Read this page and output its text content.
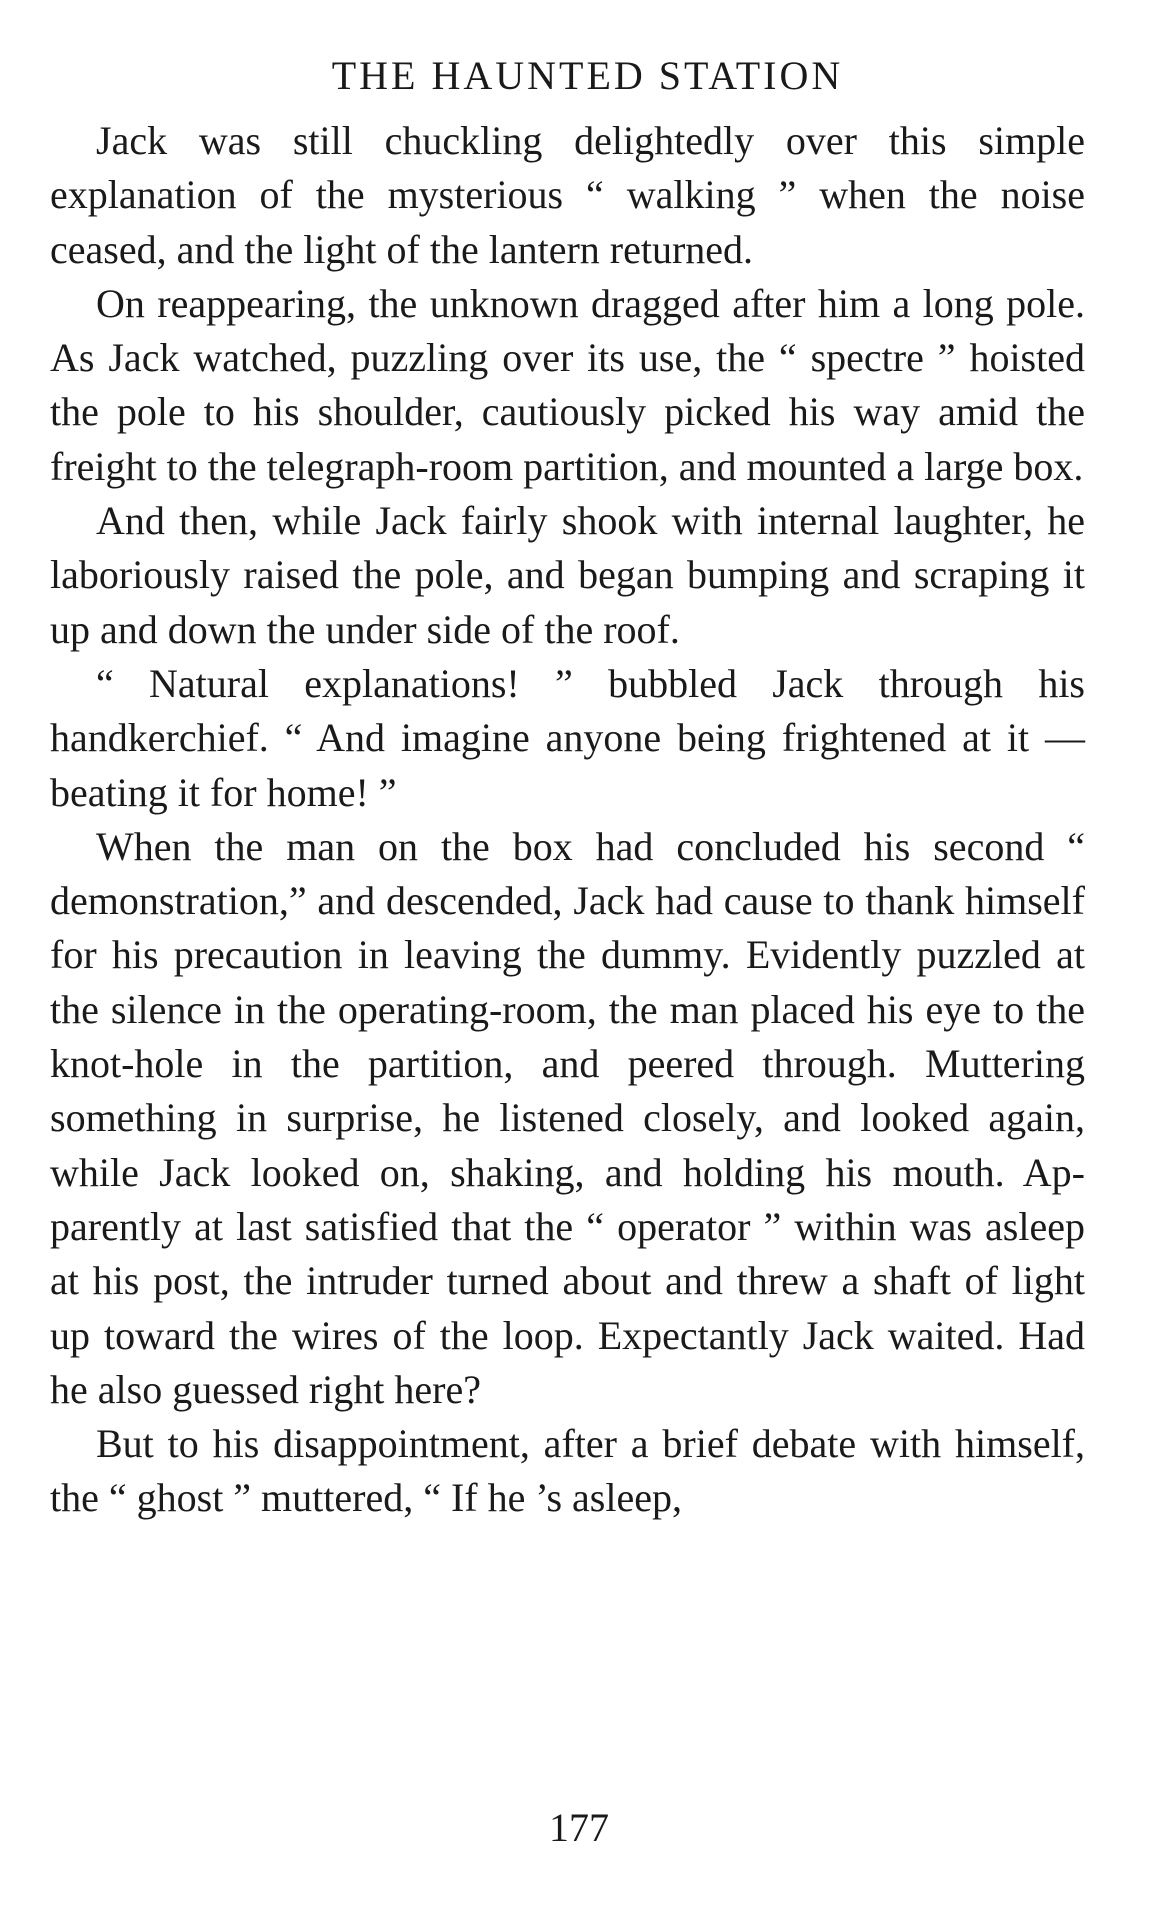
THE HAUNTED STATION

Jack was still chuckling delightedly over this simple explanation of the mysterious “ walking ” when the noise ceased, and the light of the lantern returned.

On reappearing, the unknown dragged after him a long pole. As Jack watched, puzzling over its use, the “ spectre ” hoisted the pole to his shoulder, cautiously picked his way amid the freight to the telegraph-room partition, and mounted a large box.

And then, while Jack fairly shook with internal laughter, he laboriously raised the pole, and began bumping and scraping it up and down the under side of the roof.

“ Natural explanations! ” bubbled Jack through his handkerchief. “ And imagine anyone being frightened at it — beating it for home! ”

When the man on the box had concluded his second “ demonstration,” and descended, Jack had cause to thank himself for his precaution in leaving the dummy. Evidently puzzled at the silence in the operating-room, the man placed his eye to the knot-hole in the partition, and peered through. Muttering something in surprise, he listened closely, and looked again, while Jack looked on, shaking, and holding his mouth. Apparently at last satisfied that the “ operator ” within was asleep at his post, the intruder turned about and threw a shaft of light up toward the wires of the loop. Expectantly Jack waited. Had he also guessed right here?

But to his disappointment, after a brief debate with himself, the “ ghost ” muttered, “ If he ’s asleep,

177
